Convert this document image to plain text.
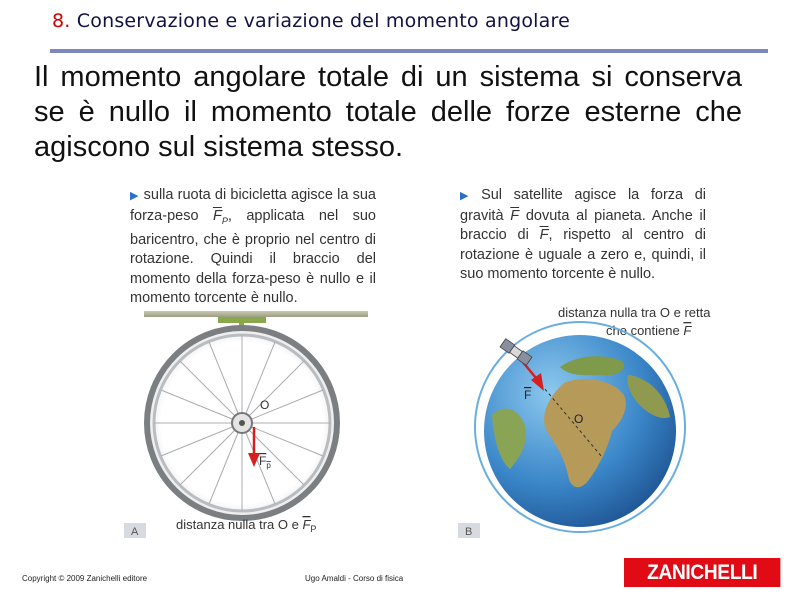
8. Conservazione e variazione del momento angolare
Il momento angolare totale di un sistema si conserva se è nullo il momento totale delle forze esterne che agiscono sul sistema stesso.
▶ sulla ruota di bicicletta agisce la sua forza-peso $\overline{F}_P$, applicata nel suo baricentro, che è proprio nel centro di rotazione. Quindi il braccio del momento della forza-peso è nullo e il momento torcente è nullo.
▶ Sul satellite agisce la forza di gravità $\overline{F}$ dovuta al pianeta. Anche il braccio di $\overline{F}$, rispetto al centro di rotazione è uguale a zero e, quindi, il suo momento torcente è nullo.
O
$F_p$
A	distanza nulla tra O e $F_P$
distanza nulla tra O e retta
che contiene F
F
O
B
Copyright © 2009 Zanichelli editore	Ugo Amaldi - Corso di fisica	ZANICHELLI
